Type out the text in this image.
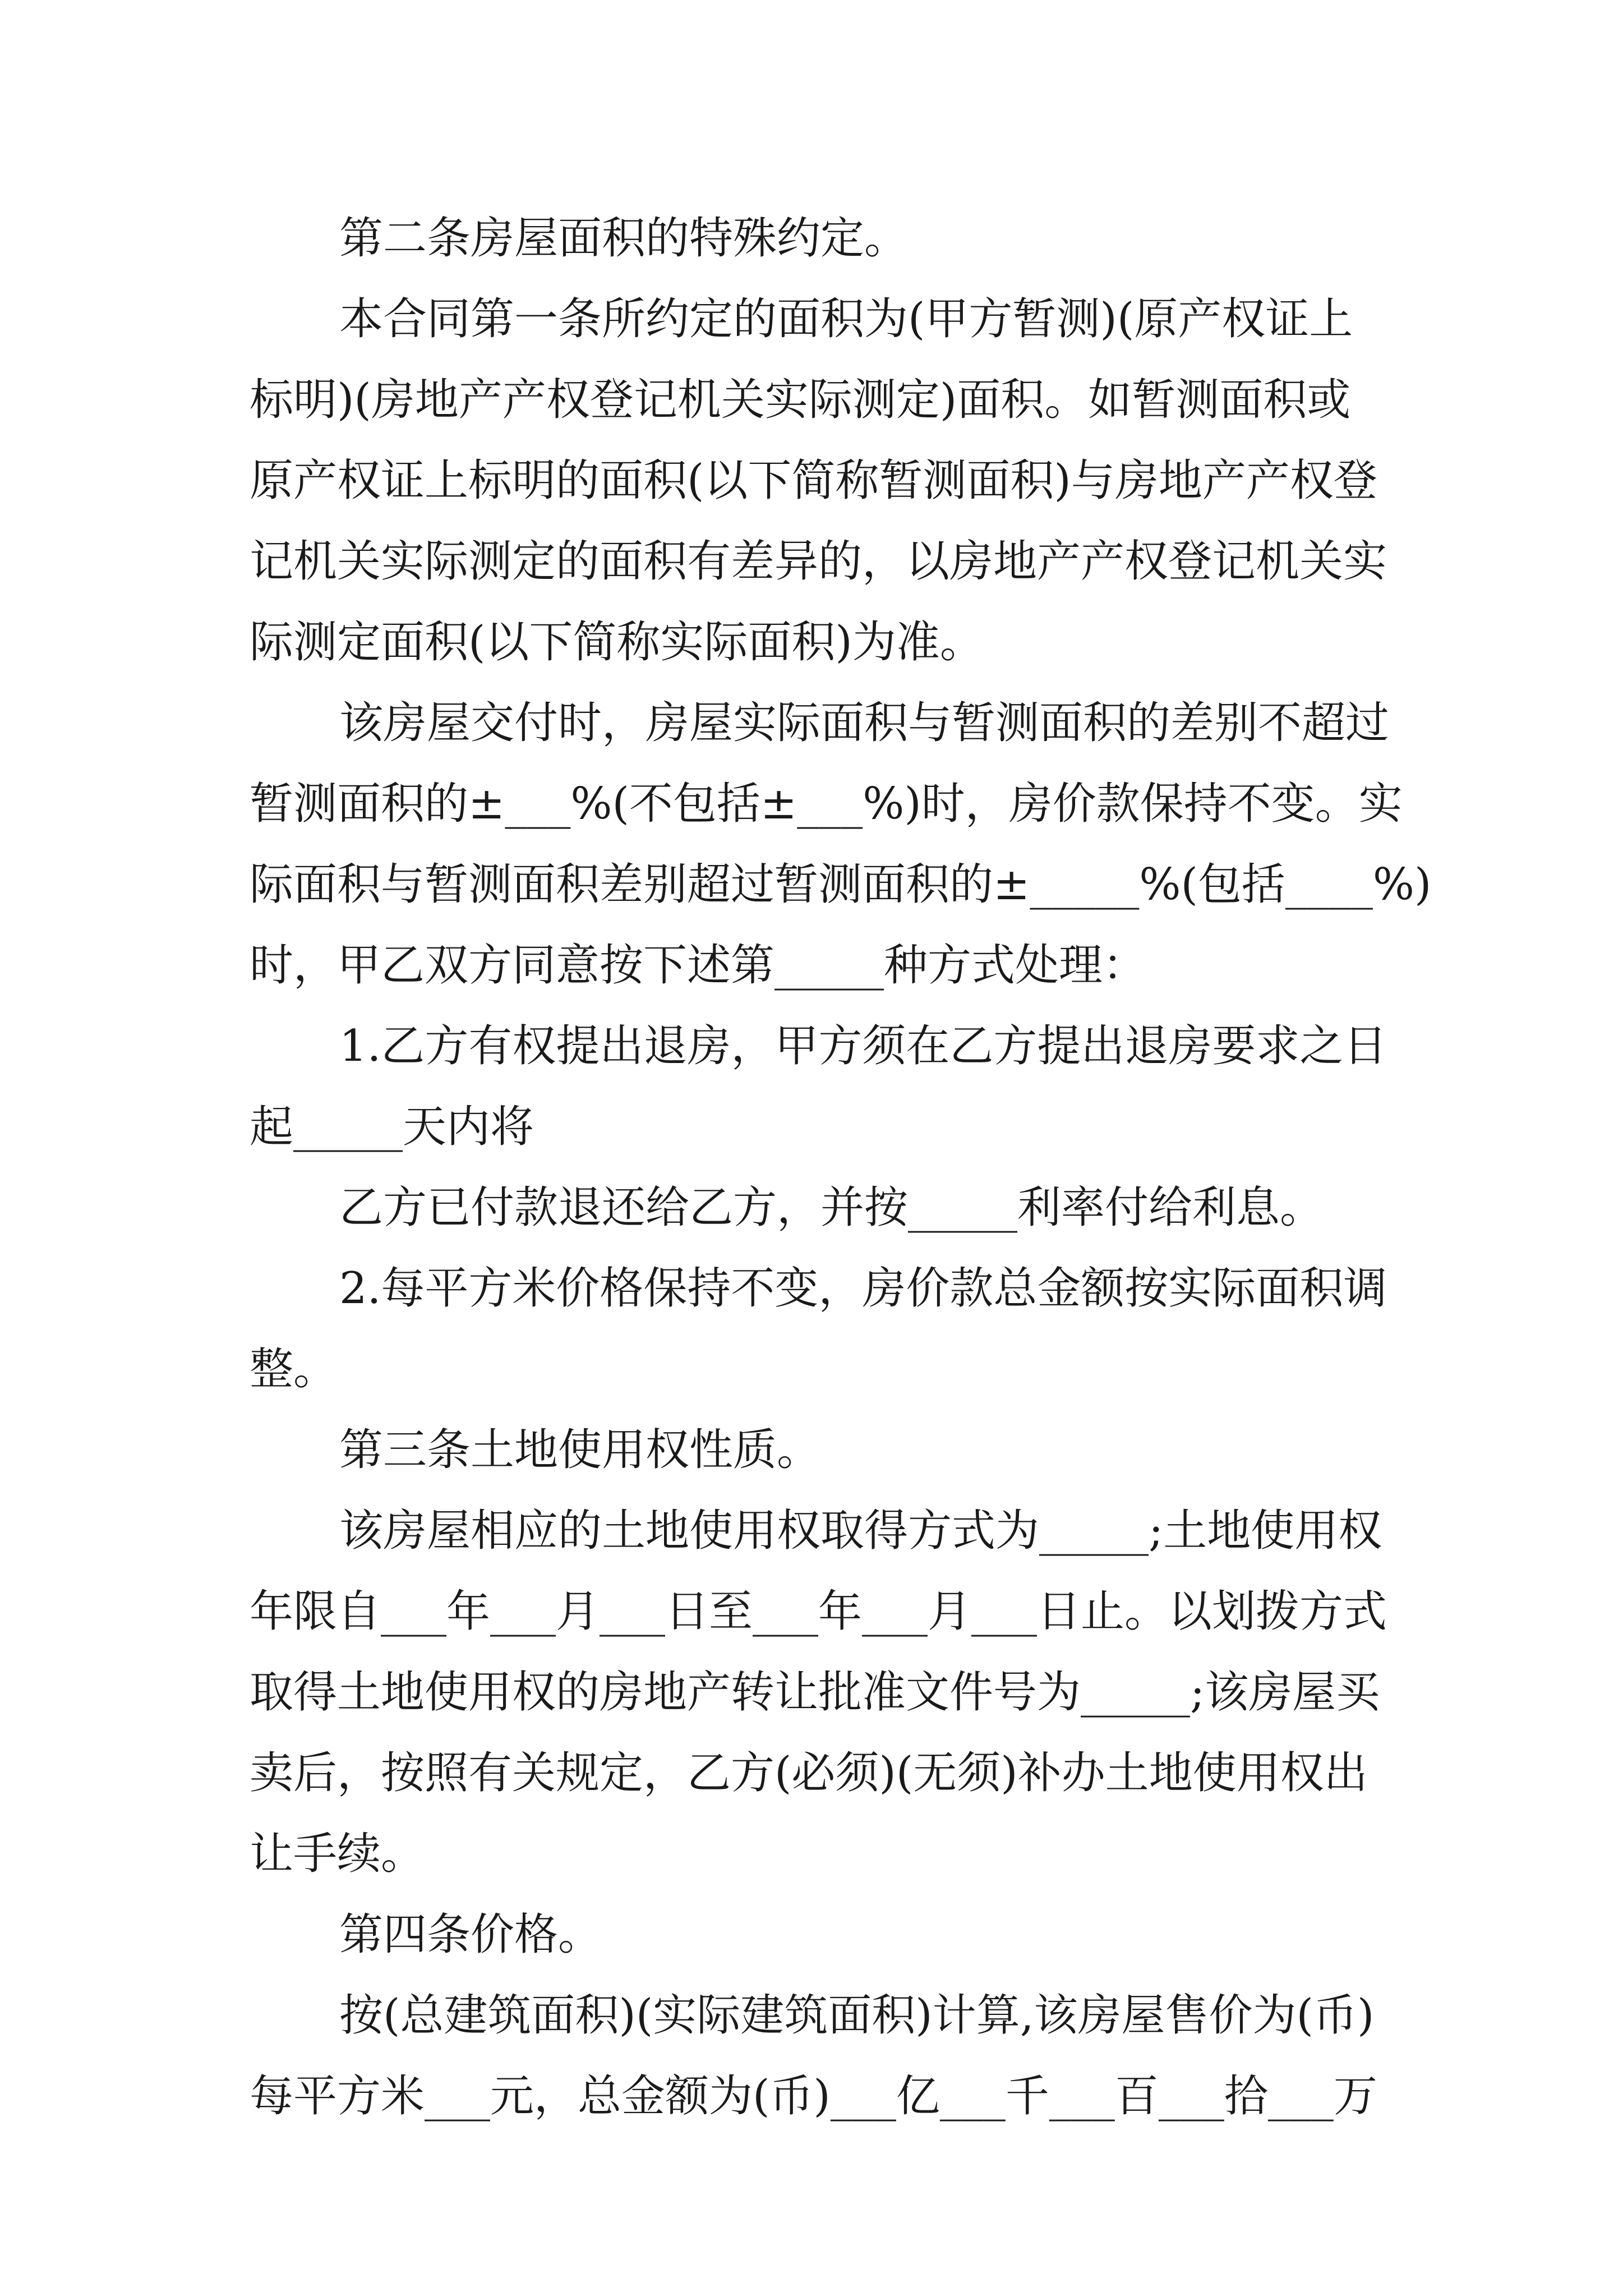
第二条房屋面积的特殊约定。
本合同第一条所约定的面积为(甲方暂测)(原产权证上
标明)(房地产产权登记机关实际测定)面积。如暂测面积或
原产权证上标明的面积(以下简称暂测面积)与房地产产权登
记机关实际测定的面积有差异的，以房地产产权登记机关实
际测定面积(以下简称实际面积)为准。
该房屋交付时，房屋实际面积与暂测面积的差别不超过
暂测面积的±___%(不包括±___%)时，房价款保持不变。实
际面积与暂测面积差别超过暂测面积的±_____%(包括____%)
时，甲乙双方同意按下述第_____种方式处理：
1.乙方有权提出退房，甲方须在乙方提出退房要求之日
起_____天内将
乙方已付款退还给乙方，并按_____利率付给利息。
2.每平方米价格保持不变，房价款总金额按实际面积调
整。
第三条土地使用权性质。
该房屋相应的土地使用权取得方式为_____;土地使用权
年限自___年___月___日至___年___月___日止。以划拨方式
取得土地使用权的房地产转让批准文件号为_____;该房屋买
卖后，按照有关规定，乙方(必须)(无须)补办土地使用权出
让手续。
第四条价格。
按(总建筑面积)(实际建筑面积)计算,该房屋售价为(币)
每平方米___元，总金额为(币)___亿___千___百___拾___万
